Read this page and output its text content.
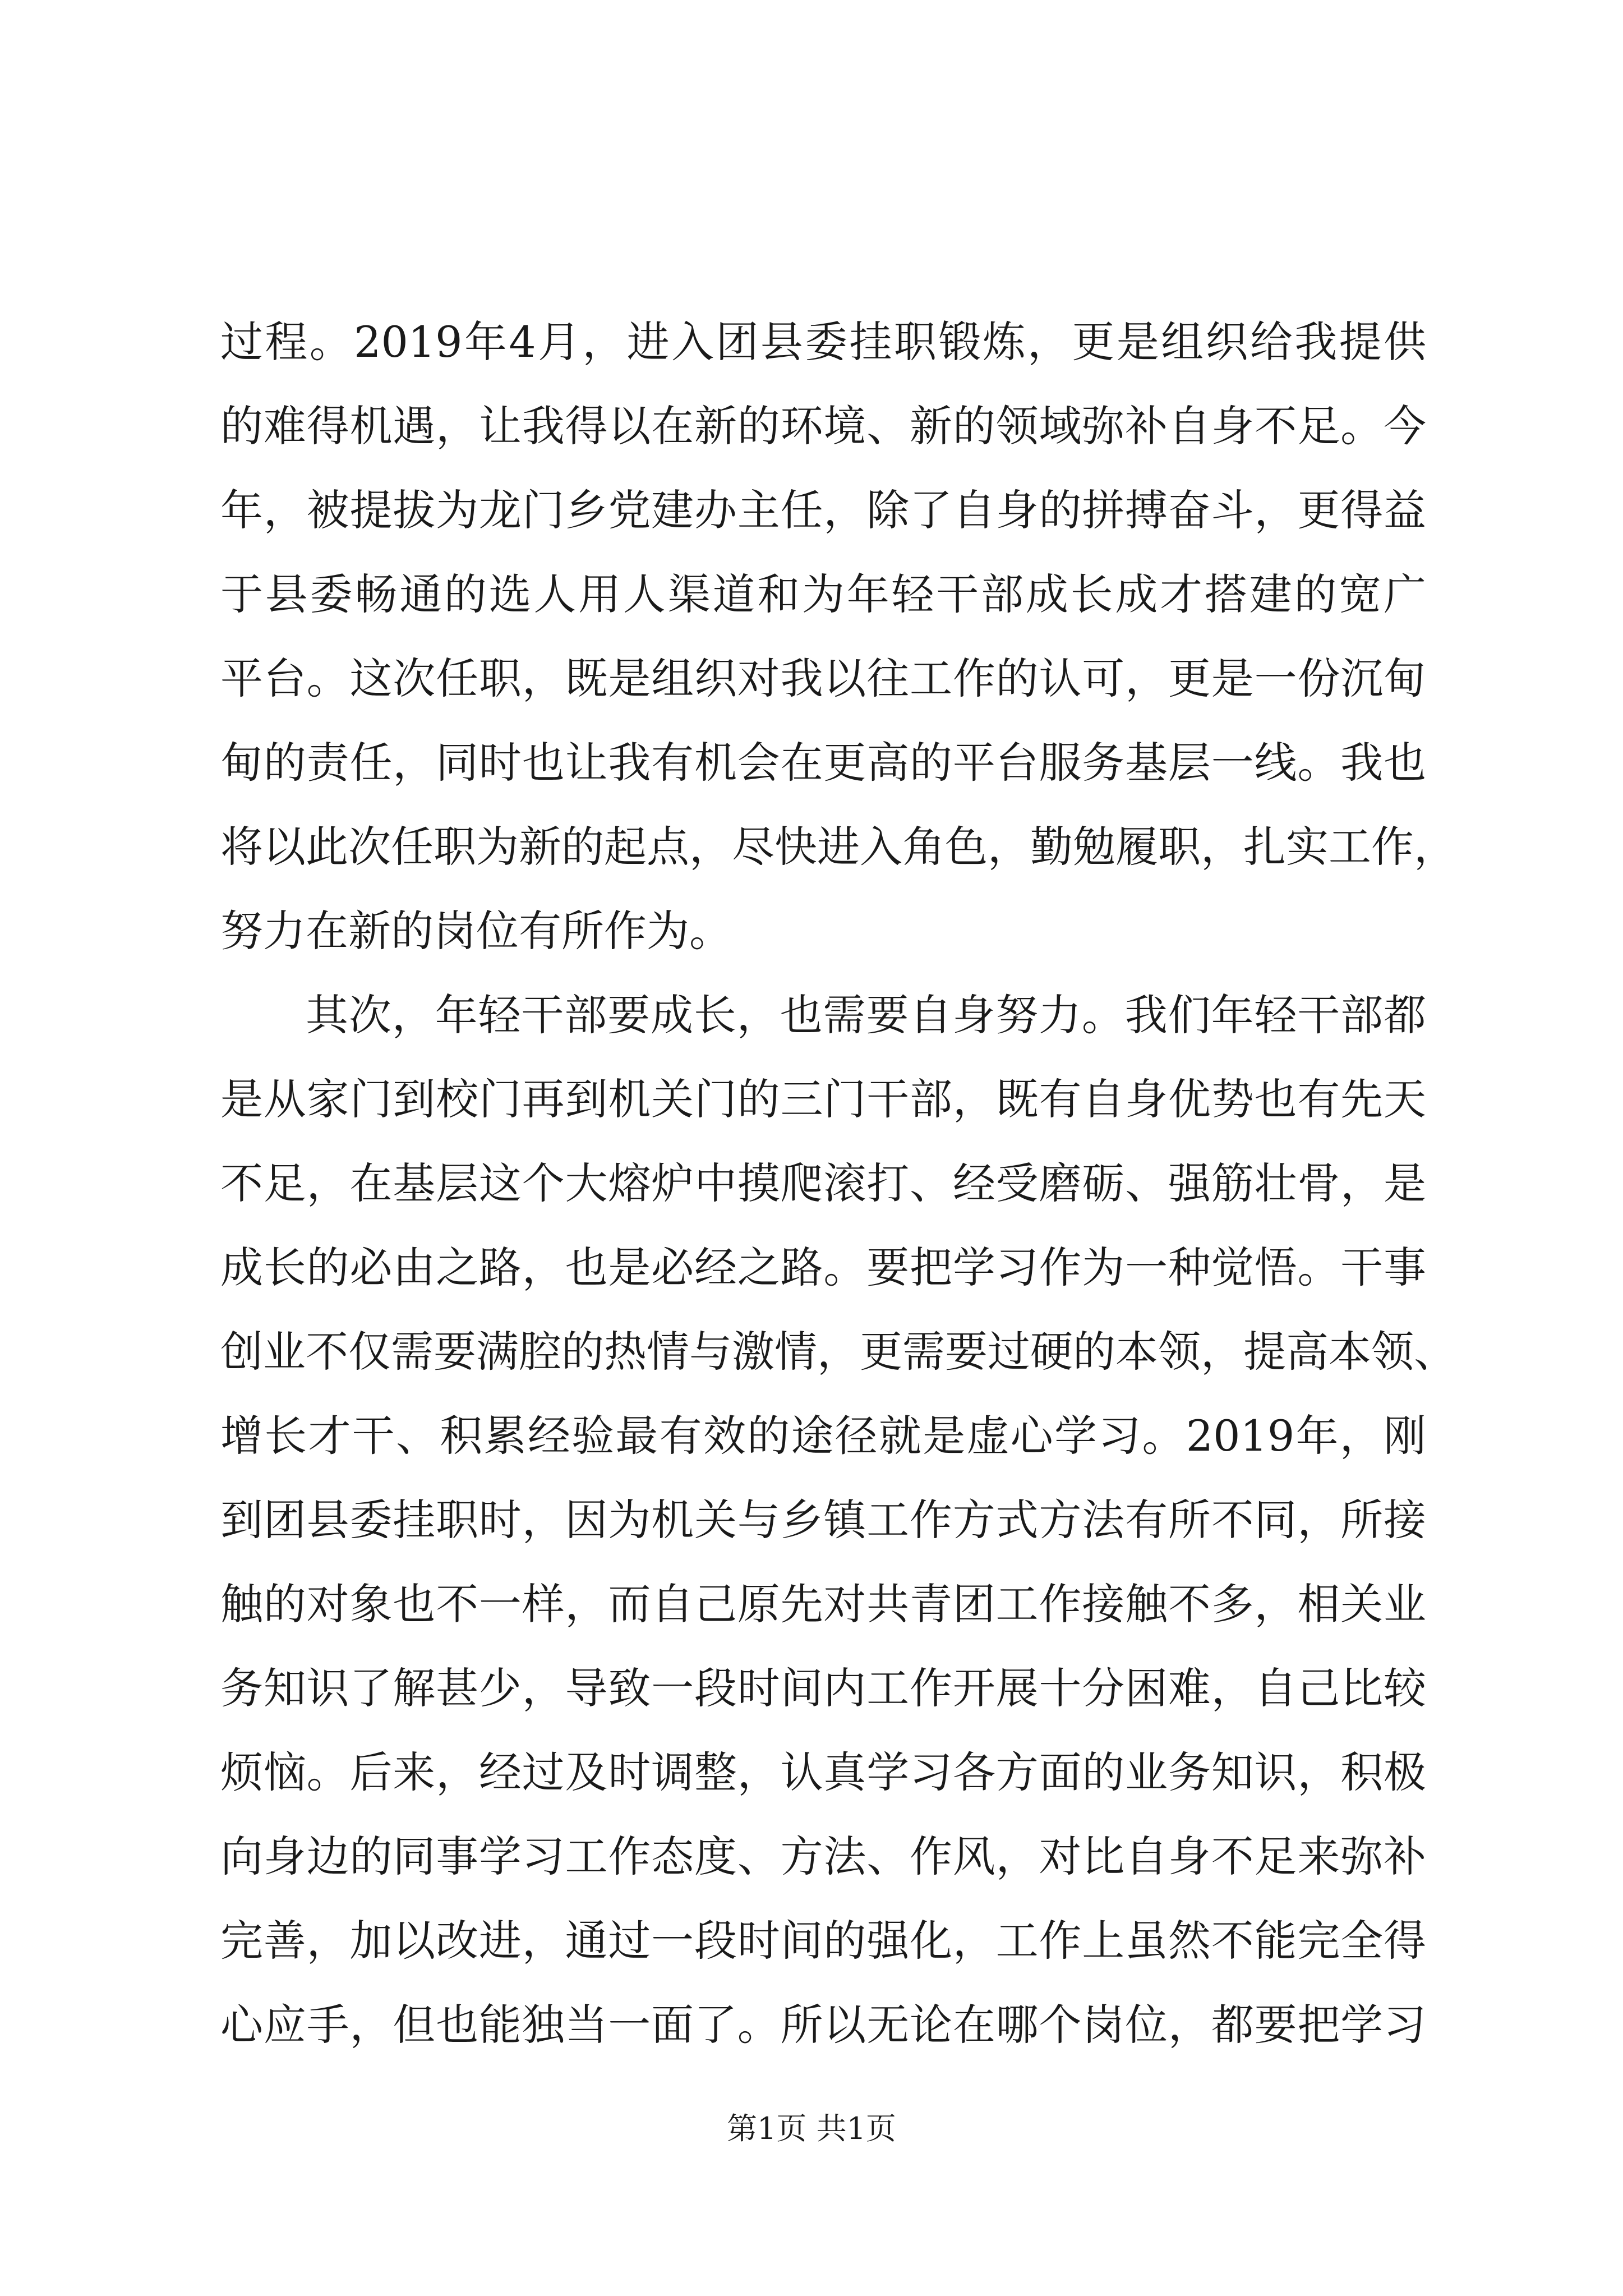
过程。2019年4月，进入团县委挂职锻炼，更是组织给我提供
的难得机遇，让我得以在新的环境、新的领域弥补自身不足。今
年，被提拔为龙门乡党建办主任，除了自身的拼搏奋斗，更得益
于县委畅通的选人用人渠道和为年轻干部成长成才搭建的宽广
平台。这次任职，既是组织对我以往工作的认可，更是一份沉甸
甸的责任，同时也让我有机会在更高的平台服务基层一线。我也
将以此次任职为新的起点，尽快进入角色，勤勉履职，扎实工作，
努力在新的岗位有所作为。
其次，年轻干部要成长，也需要自身努力。我们年轻干部都
是从家门到校门再到机关门的三门干部，既有自身优势也有先天
不足，在基层这个大熔炉中摸爬滚打、经受磨砺、强筋壮骨，是
成长的必由之路，也是必经之路。要把学习作为一种觉悟。干事
创业不仅需要满腔的热情与激情，更需要过硬的本领，提高本领、
增长才干、积累经验最有效的途径就是虚心学习。2019年，刚
到团县委挂职时，因为机关与乡镇工作方式方法有所不同，所接
触的对象也不一样，而自己原先对共青团工作接触不多，相关业
务知识了解甚少，导致一段时间内工作开展十分困难，自己比较
烦恼。后来，经过及时调整，认真学习各方面的业务知识，积极
向身边的同事学习工作态度、方法、作风，对比自身不足来弥补
完善，加以改进，通过一段时间的强化，工作上虽然不能完全得
心应手，但也能独当一面了。所以无论在哪个岗位，都要把学习
第1页 共1页
